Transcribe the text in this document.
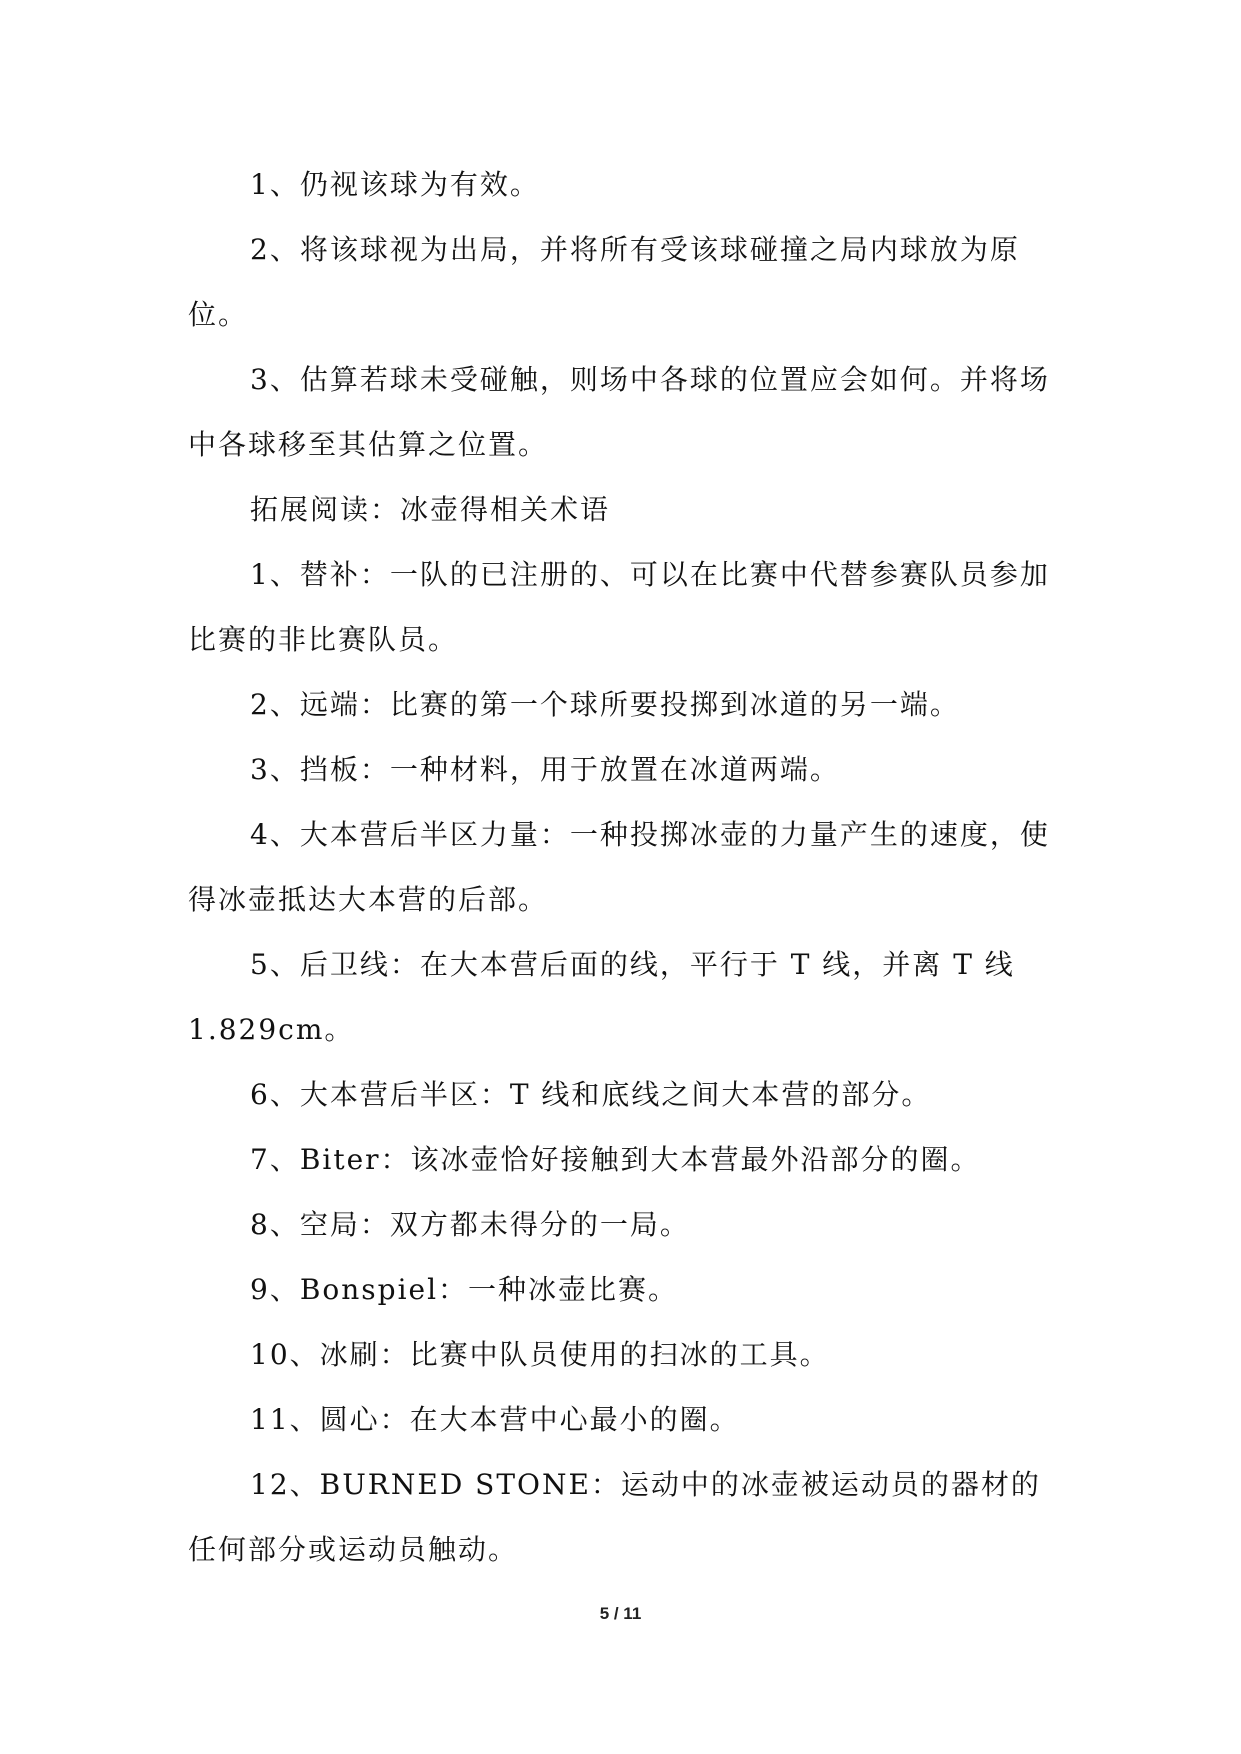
1、仍视该球为有效。

2、将该球视为出局，并将所有受该球碰撞之局内球放为原位。

3、估算若球未受碰触，则场中各球的位置应会如何。并将场中各球移至其估算之位置。

拓展阅读：冰壶得相关术语

1、替补：一队的已注册的、可以在比赛中代替参赛队员参加比赛的非比赛队员。

2、远端：比赛的第一个球所要投掷到冰道的另一端。

3、挡板：一种材料，用于放置在冰道两端。

4、大本营后半区力量：一种投掷冰壶的力量产生的速度，使得冰壶抵达大本营的后部。

5、后卫线：在大本营后面的线，平行于 T 线，并离 T 线 1.829cm。

6、大本营后半区：T 线和底线之间大本营的部分。

7、Biter：该冰壶恰好接触到大本营最外沿部分的圈。

8、空局：双方都未得分的一局。

9、Bonspiel：一种冰壶比赛。

10、冰刷：比赛中队员使用的扫冰的工具。

11、圆心：在大本营中心最小的圈。

12、BURNED STONE：运动中的冰壶被运动员的器材的任何部分或运动员触动。

5 / 11
